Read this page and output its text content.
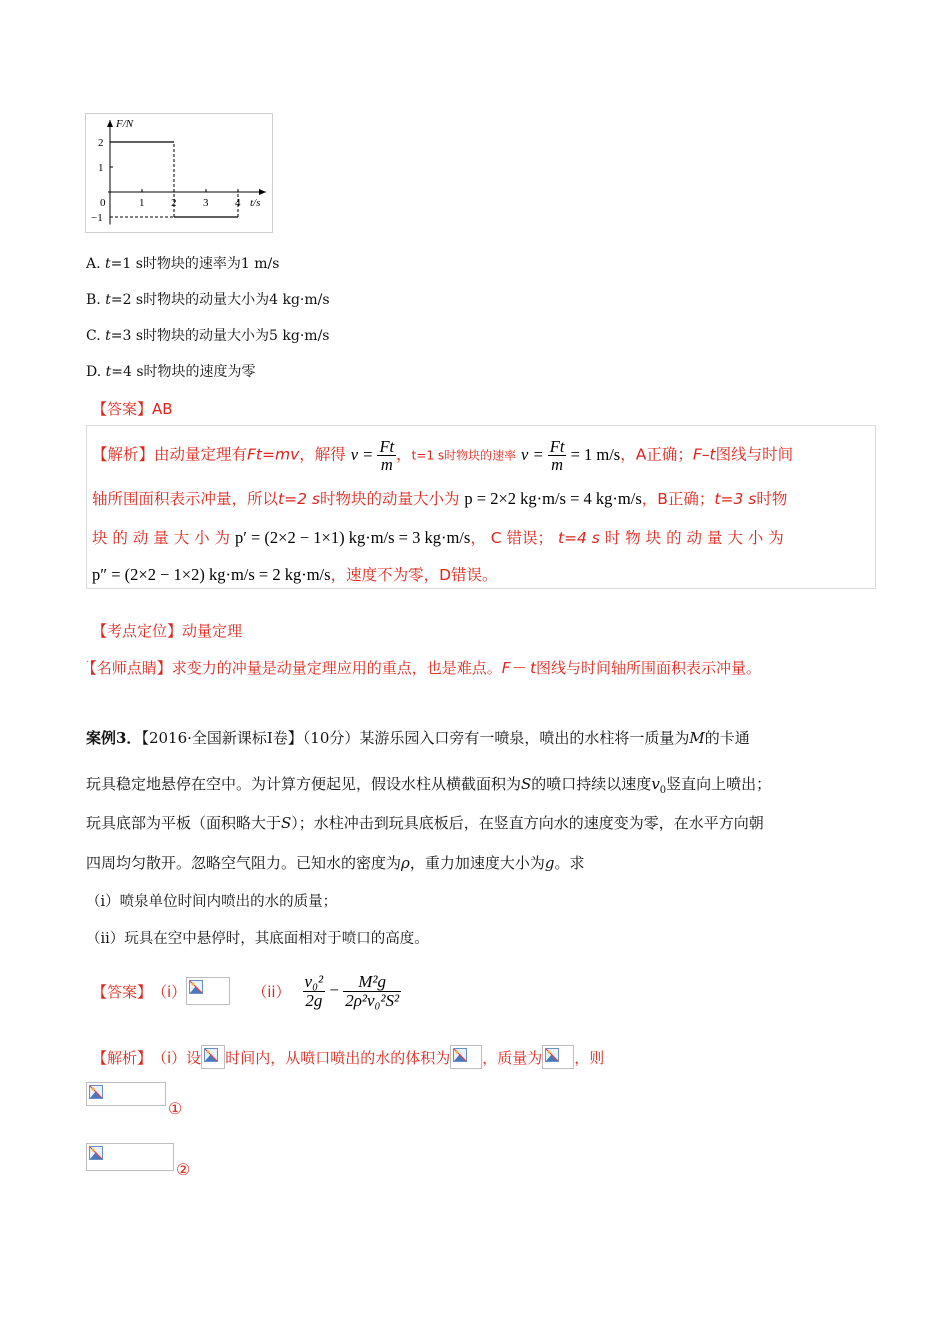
F/N
t/s
0	1 2 3 4
2
1
−1
A. t=1 s时物块的速率为1 m/s
B. t=2 s时物块的动量大小为4 kg·m/s
C. t=3 s时物块的动量大小为5 kg·m/s
D. t=4 s时物块的速度为零
【答案】AB
【解析】由动量定理有Ft=mv，解得 $v = \frac{Ft}{m}$ ，t=1 s时物块的速率 $v = \frac{Ft}{m} = 1$ m/s，A正确；F–t图线与时间
轴所围面积表示冲量，所以t=2 s时物块的动量大小为 p = 2×2 kg·m/s = 4 kg·m/s，B正确；t=3 s时物
块 的 动 量 大 小 为 p′ = (2×2 − 1×1) kg·m/s = 3 kg·m/s， C 错误； t=4 s 时 物 块 的 动 量 大 小 为
p″ = (2×2 − 1×2) kg·m/s = 2 kg·m/s，速度不为零，D错误。
【考点定位】动量定理
·【名师点睛】求变力的冲量是动量定理应用的重点，也是难点。F－ t图线与时间轴所围面积表示冲量。
案例3．【2016·全国新课标Ⅰ卷】（10分）某游乐园入口旁有一喷泉，喷出的水柱将一质量为M的卡通
玩具稳定地悬停在空中。为计算方便起见，假设水柱从横截面积为S的喷口持续以速度$v_0$竖直向上喷出；
玩具底部为平板（面积略大于S）；水柱冲击到玩具底板后，在竖直方向水的速度变为零，在水平方向朝
四周均匀散开。忽略空气阻力。已知水的密度为ρ，重力加速度大小为g。求
（i）喷泉单位时间内喷出的水的质量；
（ii）玩具在空中悬停时，其底面相对于喷口的高度。
【答案】 （i）	$(ii) \frac{\text{v₀²}}{2g} - \frac{\text{M²g}}{\text{2ρ²v₀²S²}}$
【解析】 （i）设 时间内，从喷口喷出的水的体积为 ，质量为 ，则
①
②
